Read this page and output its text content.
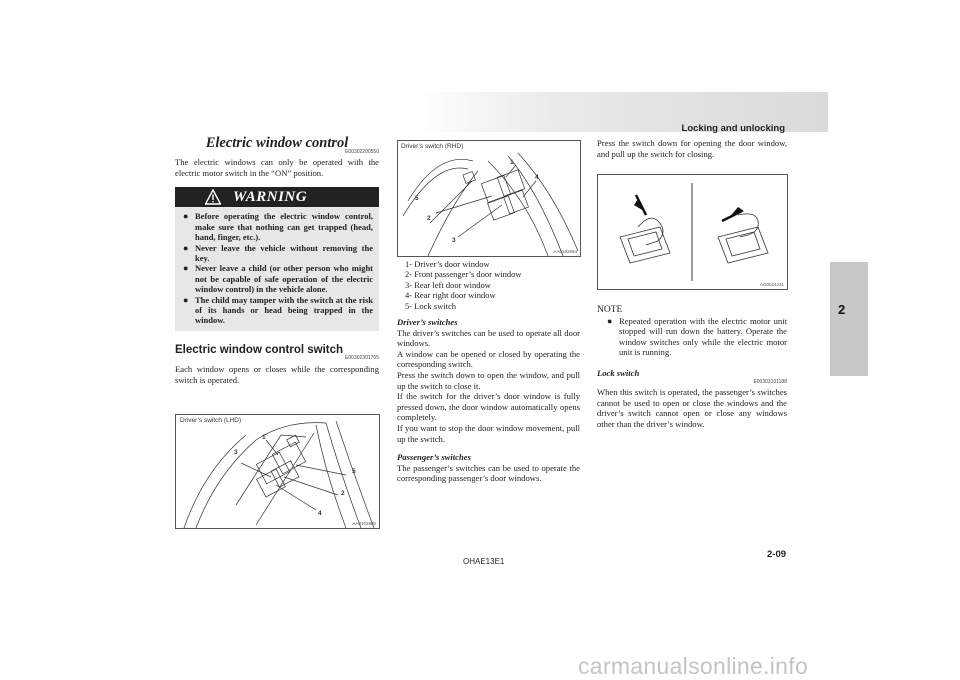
Locking and unlocking
2
Electric window control
E00302200550

The electric windows can only be operated with the electric motor switch in the “ON” position.

WARNING
● Before operating the electric window control, make sure that nothing can get trapped (head, hand, finger, etc.).
● Never leave the vehicle without removing the key.
● Never leave a child (or other person who might not be capable of safe operation of the electric window control) in the vehicle alone.
● The child may tamper with the switch at the risk of its hands or head being trapped in the window.
Electric window control switch
E00302301705

Each window opens or closes while the corresponding switch is operated.

Driver’s switch (LHD)
1
2
3
4
5
AA0102880
Driver’s switch (RHD)
1
2
3
4
5
AA0102894
1- Driver’s door window
2- Front passenger’s door window
3- Rear left door window
4- Rear right door window
5- Lock switch
Driver’s switches

The driver’s switches can be used to operate all door windows.

A window can be opened or closed by operating the corresponding switch.

Press the switch down to open the window, and pull up the switch to close it.

If the switch for the driver’s door window is fully pressed down, the door window automatically opens completely.

If you want to stop the door window movement, pull up the switch.

Passenger’s switches

The passenger’s switches can be used to operate the corresponding passenger’s door windows.

Press the switch down for opening the door window, and pull up the switch for closing.

AG0024231
NOTE
● Repeated operation with the electric motor unit stopped will run down the battery. Operate the window switches only while the electric motor unit is running.
Lock switch
E00303101188

When this switch is operated, the passenger’s switches cannot be used to open or close the windows and the driver’s switch cannot open or close any windows other than the driver’s window.

OHAE13E1
2-09
carmanualsonline.info
